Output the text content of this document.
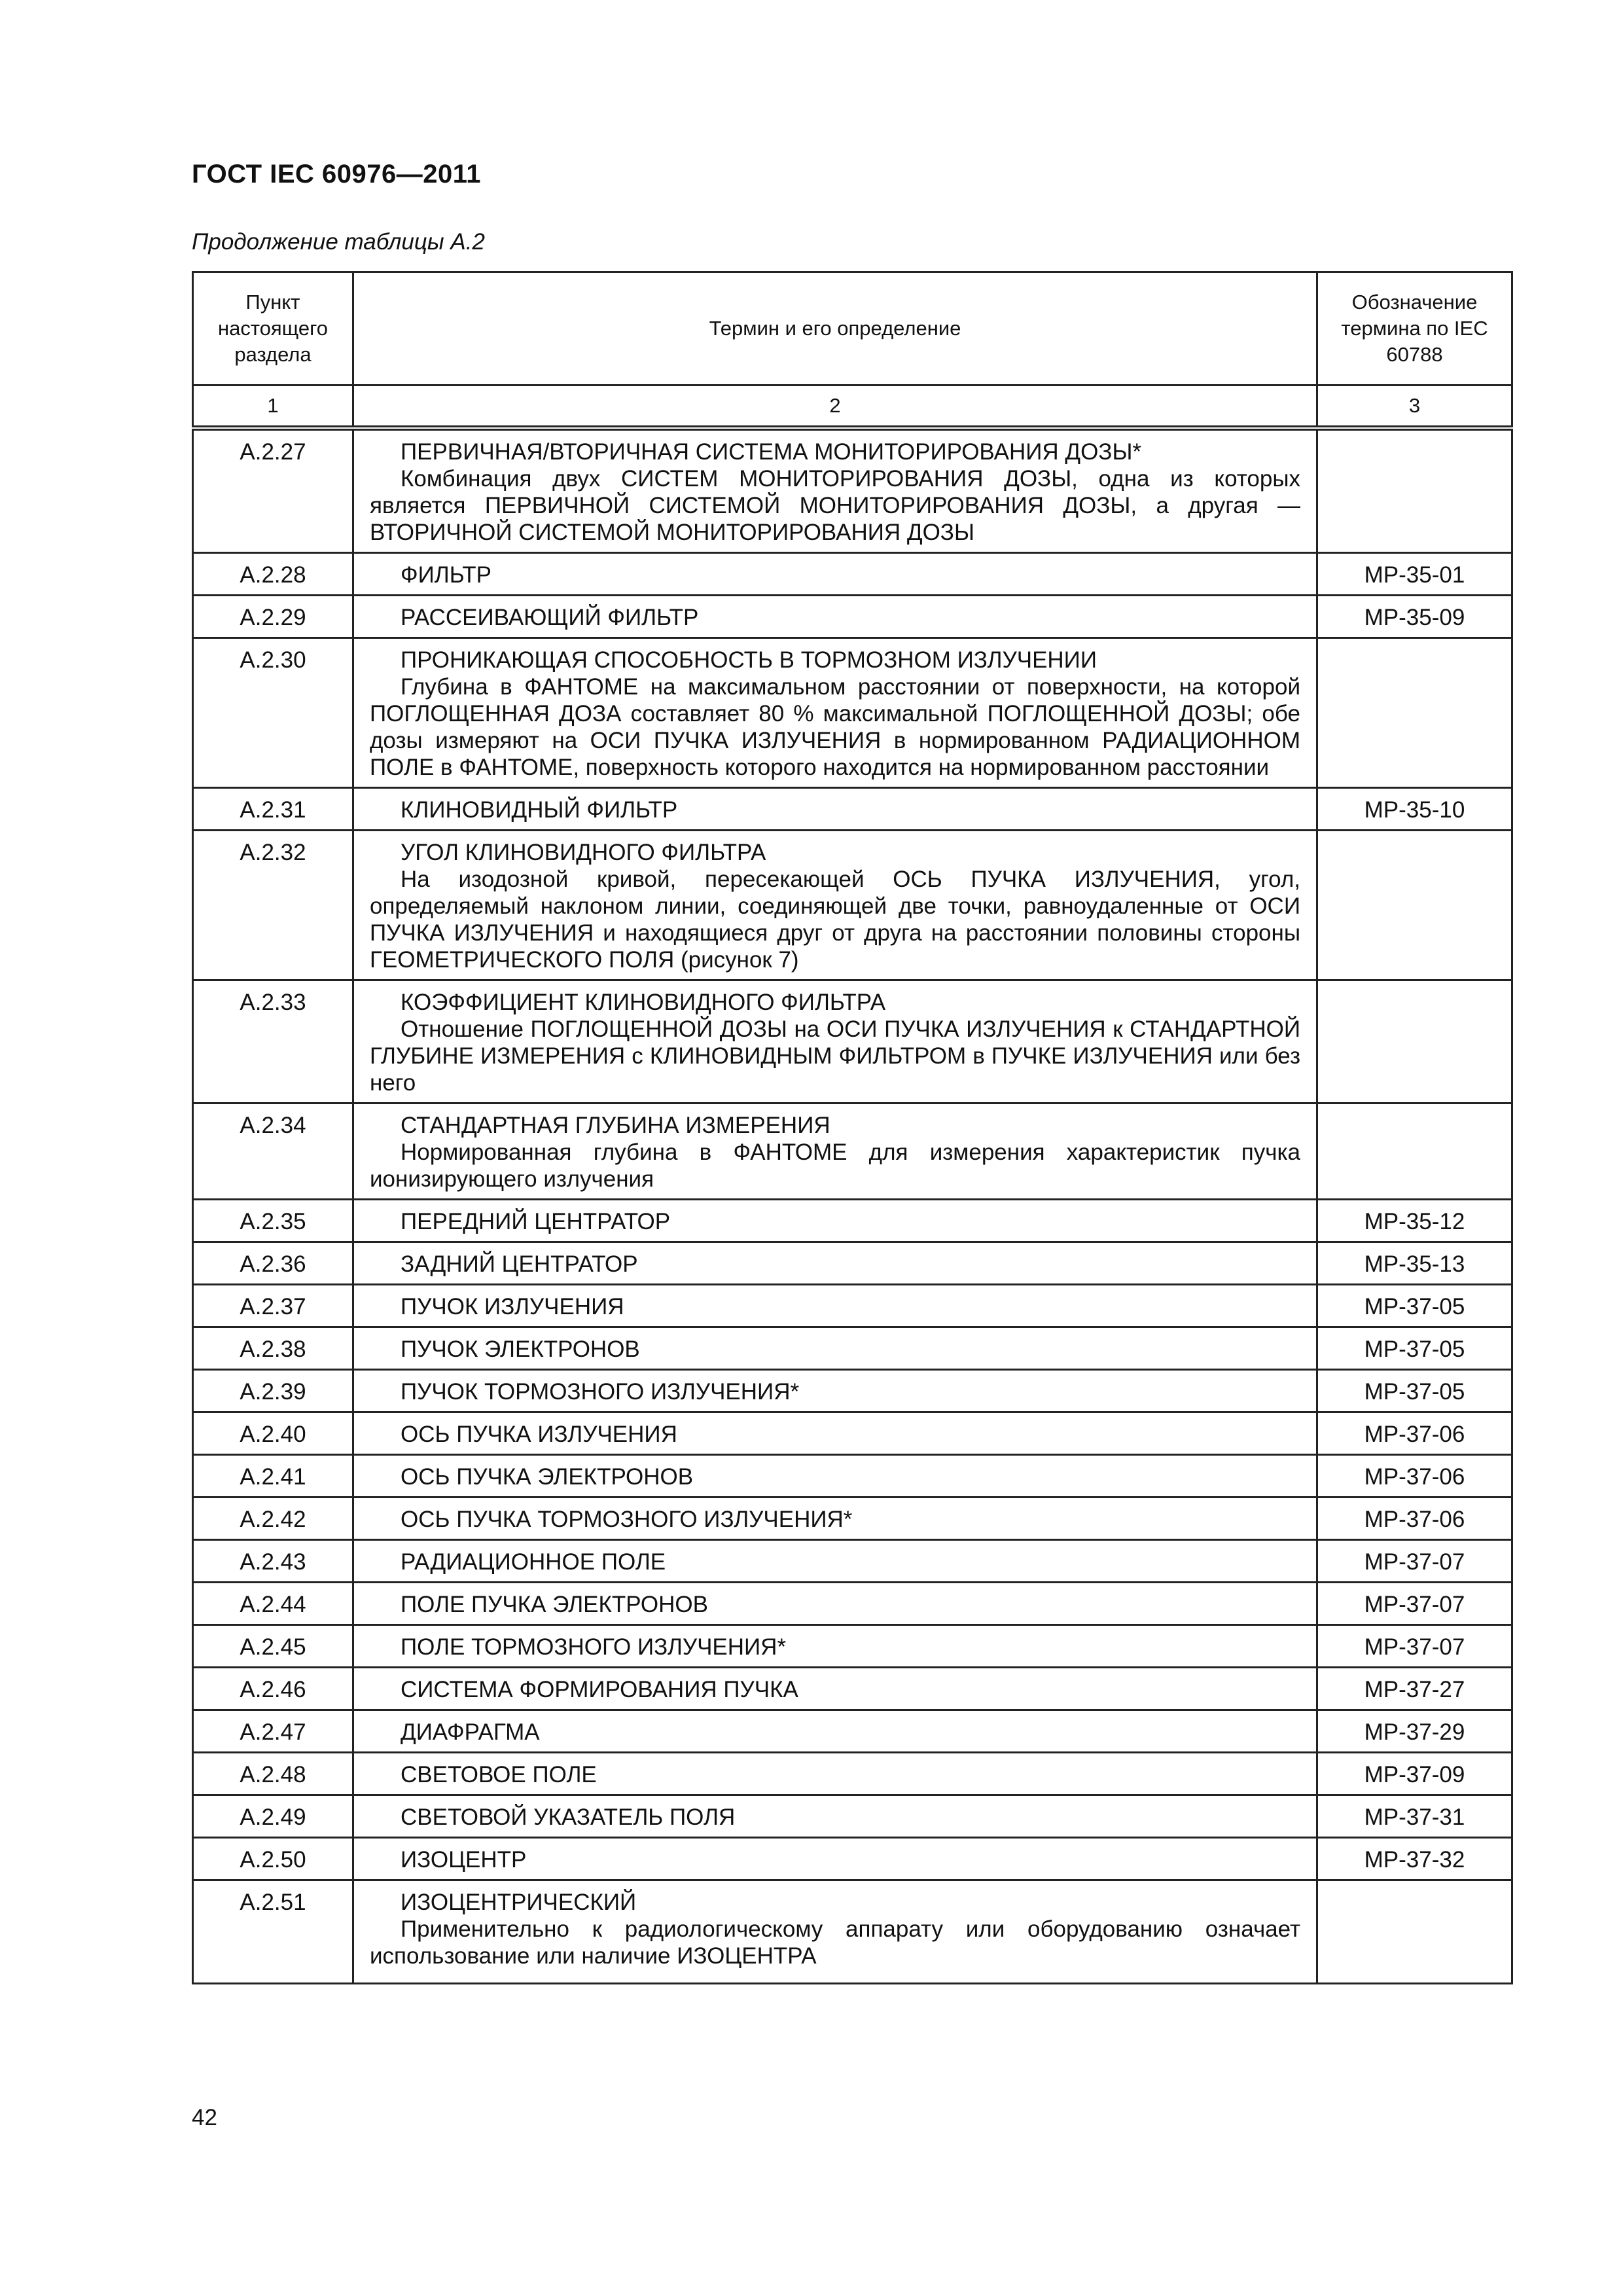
ГОСТ IEC 60976—2011
Продолжение таблицы А.2
Пункт настоящего раздела	Термин и его определение	Обозначение термина по IEC 60788
1	2	3
А.2.27	ПЕРВИЧНАЯ/ВТОРИЧНАЯ СИСТЕМА МОНИТОРИРОВАНИЯ ДОЗЫ*
Комбинация двух СИСТЕМ МОНИТОРИРОВАНИЯ ДОЗЫ, одна из которых является ПЕРВИЧНОЙ СИСТЕМОЙ МОНИТОРИРОВАНИЯ ДОЗЫ, а другая — ВТОРИЧНОЙ СИСТЕМОЙ МОНИТОРИРОВАНИЯ ДОЗЫ	

А.2.28	ФИЛЬТР	МР-35-01
А.2.29	РАССЕИВАЮЩИЙ ФИЛЬТР	МР-35-09
А.2.30	ПРОНИКАЮЩАЯ СПОСОБНОСТЬ В ТОРМОЗНОМ ИЗЛУЧЕНИИ
Глубина в ФАНТОМЕ на максимальном расстоянии от поверхности, на которой ПОГЛОЩЕННАЯ ДОЗА составляет 80 % максимальной ПОГЛОЩЕННОЙ ДОЗЫ; обе дозы измеряют на ОСИ ПУЧКА ИЗЛУЧЕНИЯ в нормированном РАДИАЦИОННОМ ПОЛЕ в ФАНТОМЕ, поверхность которого находится на нормированном расстоянии	

А.2.31	КЛИНОВИДНЫЙ ФИЛЬТР	МР-35-10
А.2.32	УГОЛ КЛИНОВИДНОГО ФИЛЬТРА
На изодозной кривой, пересекающей ОСЬ ПУЧКА ИЗЛУЧЕНИЯ, угол, определяемый наклоном линии, соединяющей две точки, равноудаленные от ОСИ ПУЧКА ИЗЛУЧЕНИЯ и находящиеся друг от друга на расстоянии половины стороны ГЕОМЕТРИЧЕСКОГО ПОЛЯ (рисунок 7)	

А.2.33	КОЭФФИЦИЕНТ КЛИНОВИДНОГО ФИЛЬТРА
Отношение ПОГЛОЩЕННОЙ ДОЗЫ на ОСИ ПУЧКА ИЗЛУЧЕНИЯ к СТАНДАРТНОЙ ГЛУБИНЕ ИЗМЕРЕНИЯ с КЛИНОВИДНЫМ ФИЛЬТРОМ в ПУЧКЕ ИЗЛУЧЕНИЯ или без него	

А.2.34	СТАНДАРТНАЯ ГЛУБИНА ИЗМЕРЕНИЯ
Нормированная глубина в ФАНТОМЕ для измерения характеристик пучка ионизирующего излучения	

А.2.35	ПЕРЕДНИЙ ЦЕНТРАТОР	МР-35-12
А.2.36	ЗАДНИЙ ЦЕНТРАТОР	МР-35-13
А.2.37	ПУЧОК ИЗЛУЧЕНИЯ	МР-37-05
А.2.38	ПУЧОК ЭЛЕКТРОНОВ	МР-37-05
А.2.39	ПУЧОК ТОРМОЗНОГО ИЗЛУЧЕНИЯ*	МР-37-05
А.2.40	ОСЬ ПУЧКА ИЗЛУЧЕНИЯ	МР-37-06
А.2.41	ОСЬ ПУЧКА ЭЛЕКТРОНОВ	МР-37-06
А.2.42	ОСЬ ПУЧКА ТОРМОЗНОГО ИЗЛУЧЕНИЯ*	МР-37-06
А.2.43	РАДИАЦИОННОЕ ПОЛЕ	МР-37-07
А.2.44	ПОЛЕ ПУЧКА ЭЛЕКТРОНОВ	МР-37-07
А.2.45	ПОЛЕ ТОРМОЗНОГО ИЗЛУЧЕНИЯ*	МР-37-07
А.2.46	СИСТЕМА ФОРМИРОВАНИЯ ПУЧКА	МР-37-27
А.2.47	ДИАФРАГМА	МР-37-29
А.2.48	СВЕТОВОЕ ПОЛЕ	МР-37-09
А.2.49	СВЕТОВОЙ УКАЗАТЕЛЬ ПОЛЯ	МР-37-31
А.2.50	ИЗОЦЕНТР	МР-37-32
А.2.51	ИЗОЦЕНТРИЧЕСКИЙ
Применительно к радиологическому аппарату или оборудованию означает использование или наличие ИЗОЦЕНТРА	

42
